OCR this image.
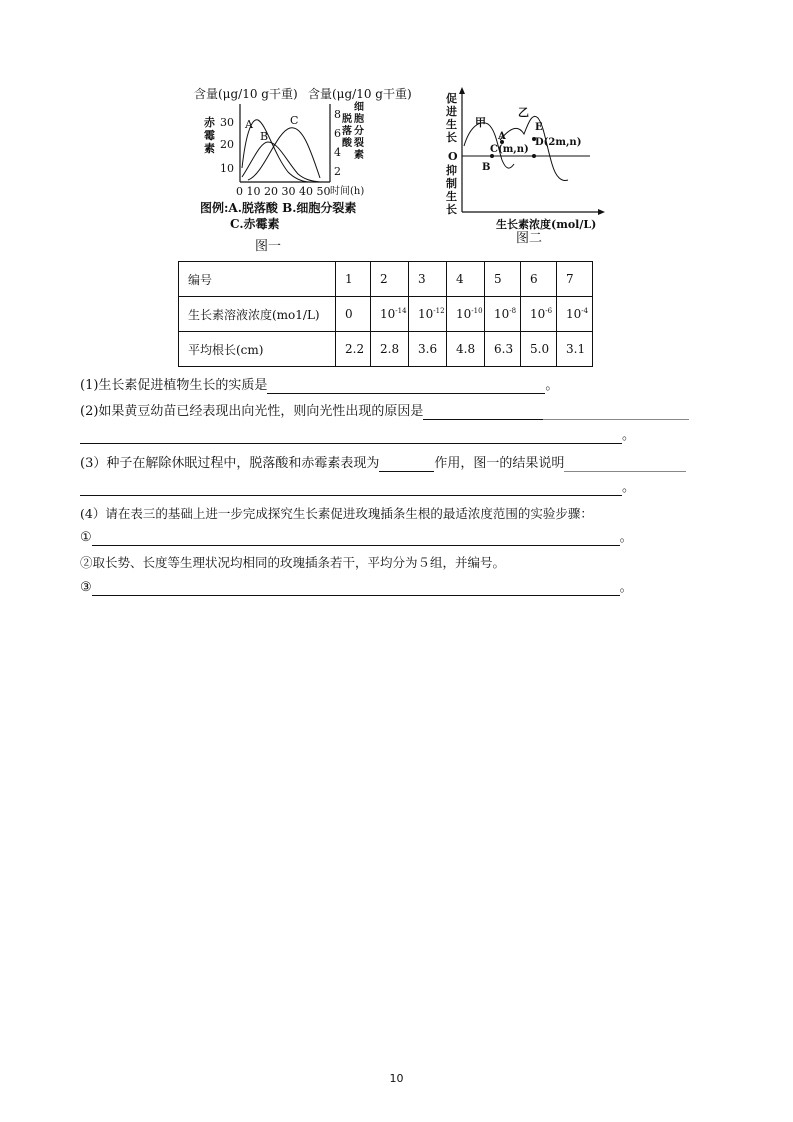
含量(μg/10 g干重) 含量(μg/10 g干重)
赤
霉
素
30
20
10
8
6
4
2
脱
落
酸
细
胞
分
裂
素
A
B
C
0 10 20 30 40 50 时间(h)
图例:A.脱落酸 B.细胞分裂素
C.赤霉素
图一
促
进
生
长
O
抑
制
生
长
甲
乙
A
E
C(m,n)
D(2m,n)
B
生长素浓度(mol/L)
图二
编号	1	2	3	4	5	6	7
生长素溶液浓度(mo1/L)	0	$10^{-14}$	$10^{-12}$	$10^{-10}$	$10^{-8}$	$10^{-6}$	$10^{-4}$
平均根长(cm)	2.2	2.8	3.6	4.8	6.3	5.0	3.1
(1)生长素促进植物生长的实质是	。
(2)如果黄豆幼苗已经表现出向光性，则向光性出现的原因是
。
(3）种子在解除休眠过程中，脱落酸和赤霉素表现为	作用，图一的结果说明
。
(4）请在表三的基础上进一步完成探究生长素促进玫瑰插条生根的最适浓度范围的实验步骤：
①	。
②取长势、长度等生理状况均相同的玫瑰插条若干，平均分为５组，并编号。
③	。
10
